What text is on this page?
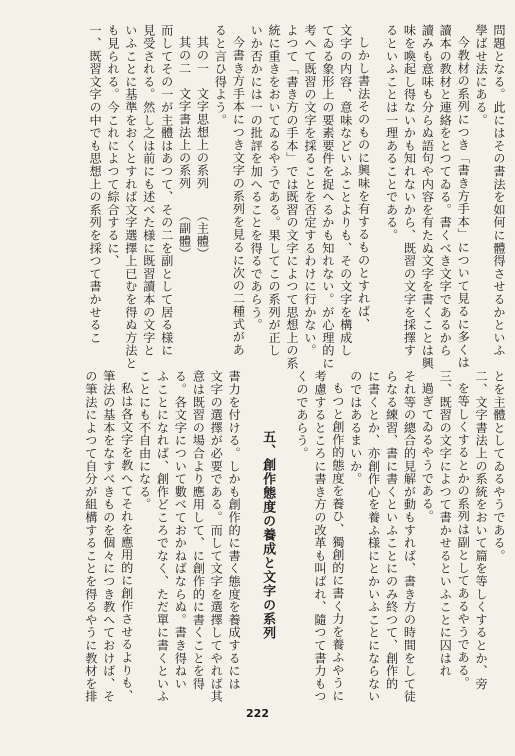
問題となる。此にはその書法を如何に體得させるかといふ
學ばせ法にある。
今教材の系列につき「書き方手本」について見るに多くは
讀本の教材と連絡をとつてゐる。書くべき文字であるから
讀みも意味も分らぬ語句や内容を有たぬ文字を書くことは興
味を喚起し得ないかも知れないから、既習の文字を採擇す
るといふことは一理あることである。
しかし書法そのものに興味を有するものとすれば、
文字の内容、意味などいふことよりも、その文字を構成し
てゐる象形上の要素要件を捉へるかも知れない。が心理的に
考へて既習の文字を採ることを否定するわけに行かない。
よつて「書き方の手本」では既習の文字によつて思想上の系
統に重きをおいてゐるやうである。果してこの系列が正し
いか否かには一の批評を加へることを得るであらう。
今書き方手本につき文字の系列を見るに次の二種式があ
ると言ひ得よう。
其の一　文字思想上の系列　　（主體）
其の二　文字書法上の系列　　（副體）
而してその一が主體はあつて、その二を副として居る様に
見受される。然し之は前にも述べた様に既習讀本の文字と
いふことに基準をおくとすれば文字選擇上已むを得ぬ方法と
も見られる。今これによつて綜合するに、
一、既習文字の中でも思想上の系列を採つて書かせるこ
とを主體としてゐるやうである。
二、文字書法上の系統をおいて篇を等しくするとか、旁
を等しくするとかの系列は副としてあるやうである。
三、既習の文字によつて書かせるといふことに囚はれ
過ぎてゐるやうである。
それ等の總合的見解が動もすれば、書き方の時間をして徒
らなる練習、書に書くといふことにのみ終つて、創作的
に書くとか、亦創作心を養ふ様にとかいふことにならない
のではあるまいか。
もつと創作的態度を養ひ、獨創的に書く力を養ふやうに
考慮するところに書き方の改革も叫ばれ、隨つて書力もつ
くのであらう。
五、創作態度の養成と文字の系列
書力を付ける。しかも創作的に書く態度を養成するには
文字の選擇が必要である。而して文字を選擇してやれば其
意は既習の場合より應用して、に創作的に書くことを得
る。各文字について數べておかねばならぬ。書き得ねい
ふことになれば、創作どころでなく、ただ單に書くといふ
ことにも不自由になる。
私は各文字を教へてそれを應用的に創作させるよりも、
筆法の基本をなすべきものを個々につき教へておけば、そ
の筆法によつて自分が組構することを得るやうに教材を排
222
